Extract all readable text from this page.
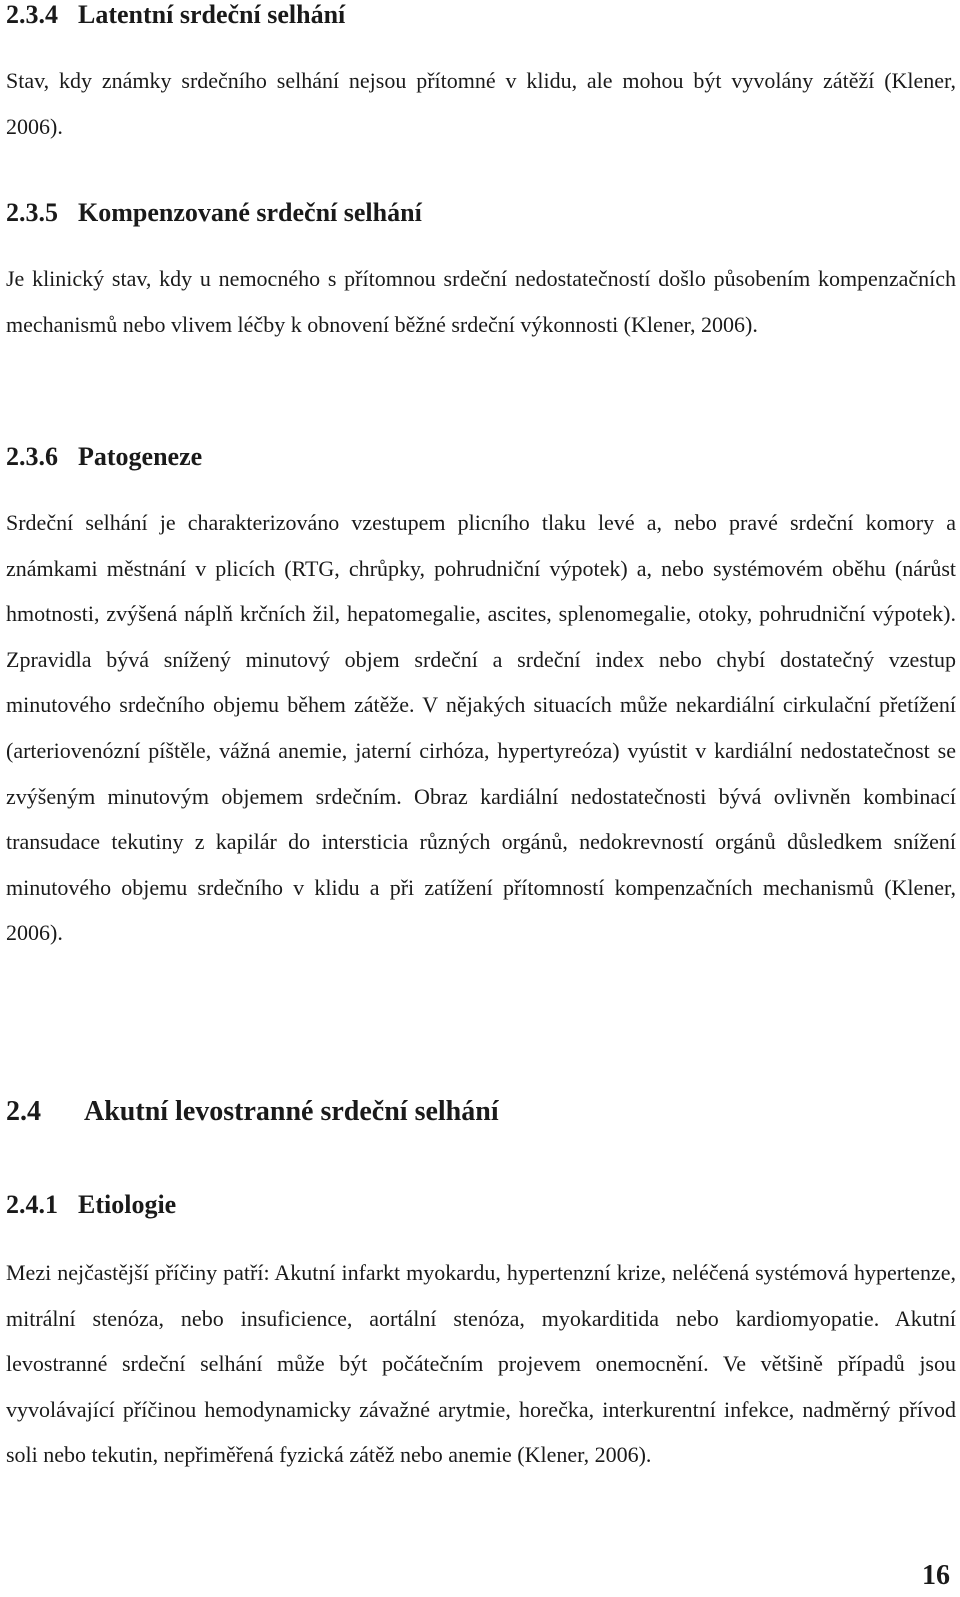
2.3.4 Latentní srdeční selhání

Stav, kdy známky srdečního selhání nejsou přítomné v klidu, ale mohou být vyvolány zátěží (Klener, 2006).

2.3.5 Kompenzované srdeční selhání

Je klinický stav, kdy u nemocného s přítomnou srdeční nedostatečností došlo působením kompenzačních mechanismů nebo vlivem léčby k obnovení běžné srdeční výkonnosti (Klener, 2006).

2.3.6 Patogeneze

Srdeční selhání je charakterizováno vzestupem plicního tlaku levé a, nebo pravé srdeční komory a známkami městnání v plicích (RTG, chrůpky, pohrudniční výpotek) a, nebo systémovém oběhu (nárůst hmotnosti, zvýšená náplň krčních žil, hepatomegalie, ascites, splenomegalie, otoky, pohrudniční výpotek). Zpravidla bývá snížený minutový objem srdeční a srdeční index nebo chybí dostatečný vzestup minutového srdečního objemu během zátěže. V nějakých situacích může nekardiální cirkulační přetížení (arteriovenózní píštěle, vážná anemie, jaterní cirhóza, hypertyreóza) vyústit v kardiální nedostatečnost se zvýšeným minutovým objemem srdečním. Obraz kardiální nedostatečnosti bývá ovlivněn kombinací transudace tekutiny z kapilár do intersticia různých orgánů, nedokrevností orgánů důsledkem snížení minutového objemu srdečního v klidu a při zatížení přítomností kompenzačních mechanismů (Klener, 2006).

2.4 Akutní levostranné srdeční selhání
2.4.1 Etiologie

Mezi nejčastější příčiny patří: Akutní infarkt myokardu, hypertenzní krize, neléčená systémová hypertenze, mitrální stenóza, nebo insuficience, aortální stenóza, myokarditida nebo kardiomyopatie. Akutní levostranné srdeční selhání může být počátečním projevem onemocnění. Ve většině případů jsou vyvolávající příčinou hemodynamicky závažné arytmie, horečka, interkurentní infekce, nadměrný přívod soli nebo tekutin, nepřiměřená fyzická zátěž nebo anemie (Klener, 2006).

16
